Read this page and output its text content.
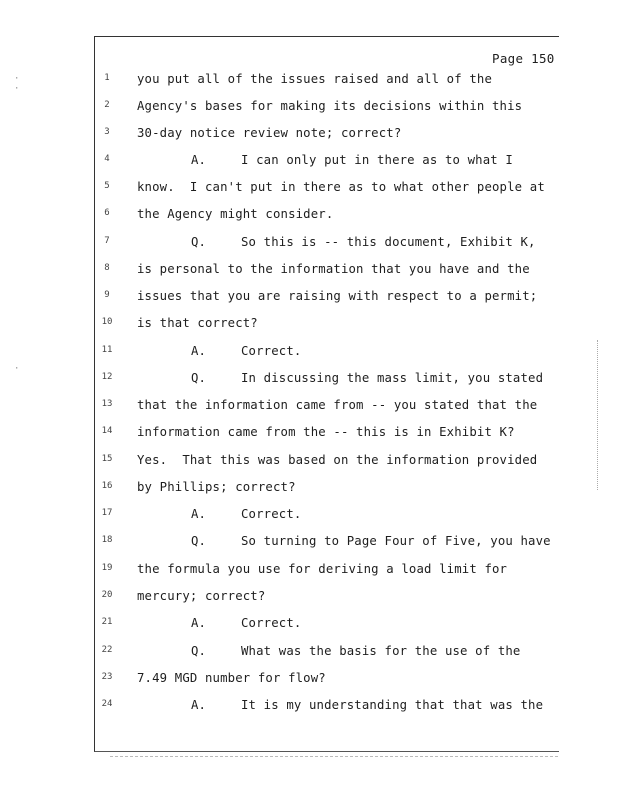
Page 150
1	you put all of the issues raised and all of the
2	Agency's bases for making its decisions within this
3	30-day notice review note; correct?
4	A.	I can only put in there as to what I
5	know.  I can't put in there as to what other people at
6	the Agency might consider.
7	Q.	So this is -- this document, Exhibit K,
8	is personal to the information that you have and the
9	issues that you are raising with respect to a permit;
10	is that correct?
11	A.	Correct.
12	Q.	In discussing the mass limit, you stated
13	that the information came from -- you stated that the
14	information came from the -- this is in Exhibit K?
15	Yes.  That this was based on the information provided
16	by Phillips; correct?
17	A.	Correct.
18	Q.	So turning to Page Four of Five, you have
19	the formula you use for deriving a load limit for
20	mercury; correct?
21	A.	Correct.
22	Q.	What was the basis for the use of the
23	7.49 MGD number for flow?
24	A.	It is my understanding that that was the
·
·
·
